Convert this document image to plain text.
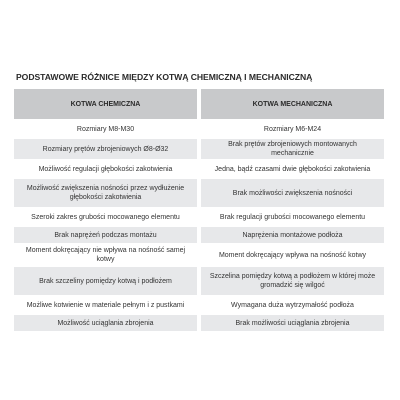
PODSTAWOWE RÓŻNICE MIĘDZY KOTWĄ CHEMICZNĄ I MECHANICZNĄ
KOTWA CHEMICZNA		KOTWA MECHANICZNA
Rozmiary M8-M30		Rozmiary M6-M24
Rozmiary prętów zbrojeniowych Ø8-Ø32		Brak prętów zbrojeniowych montowanych mechanicznie
Możliwość regulacji głębokości zakotwienia		Jedna, bądź czasami dwie głębokości zakotwienia
Możliwość zwiększenia nośności przez wydłużenie głębokości zakotwienia		Brak możliwości zwiększenia nośności
Szeroki zakres grubości mocowanego elementu		Brak regulacji grubości mocowanego elementu
Brak naprężeń podczas montażu		Naprężenia montażowe podłoża
Moment dokręcający nie wpływa na nośność samej kotwy		Moment dokręcający wpływa na nośność kotwy
Brak szczeliny pomiędzy kotwą i podłożem		Szczelina pomiędzy kotwą a podłożem w której może gromadzić się wilgoć
Możliwe kotwienie w materiale pełnym i z pustkami		Wymagana duża wytrzymałość podłoża
Możliwość uciąglania zbrojenia		Brak możliwości uciąglania zbrojenia
